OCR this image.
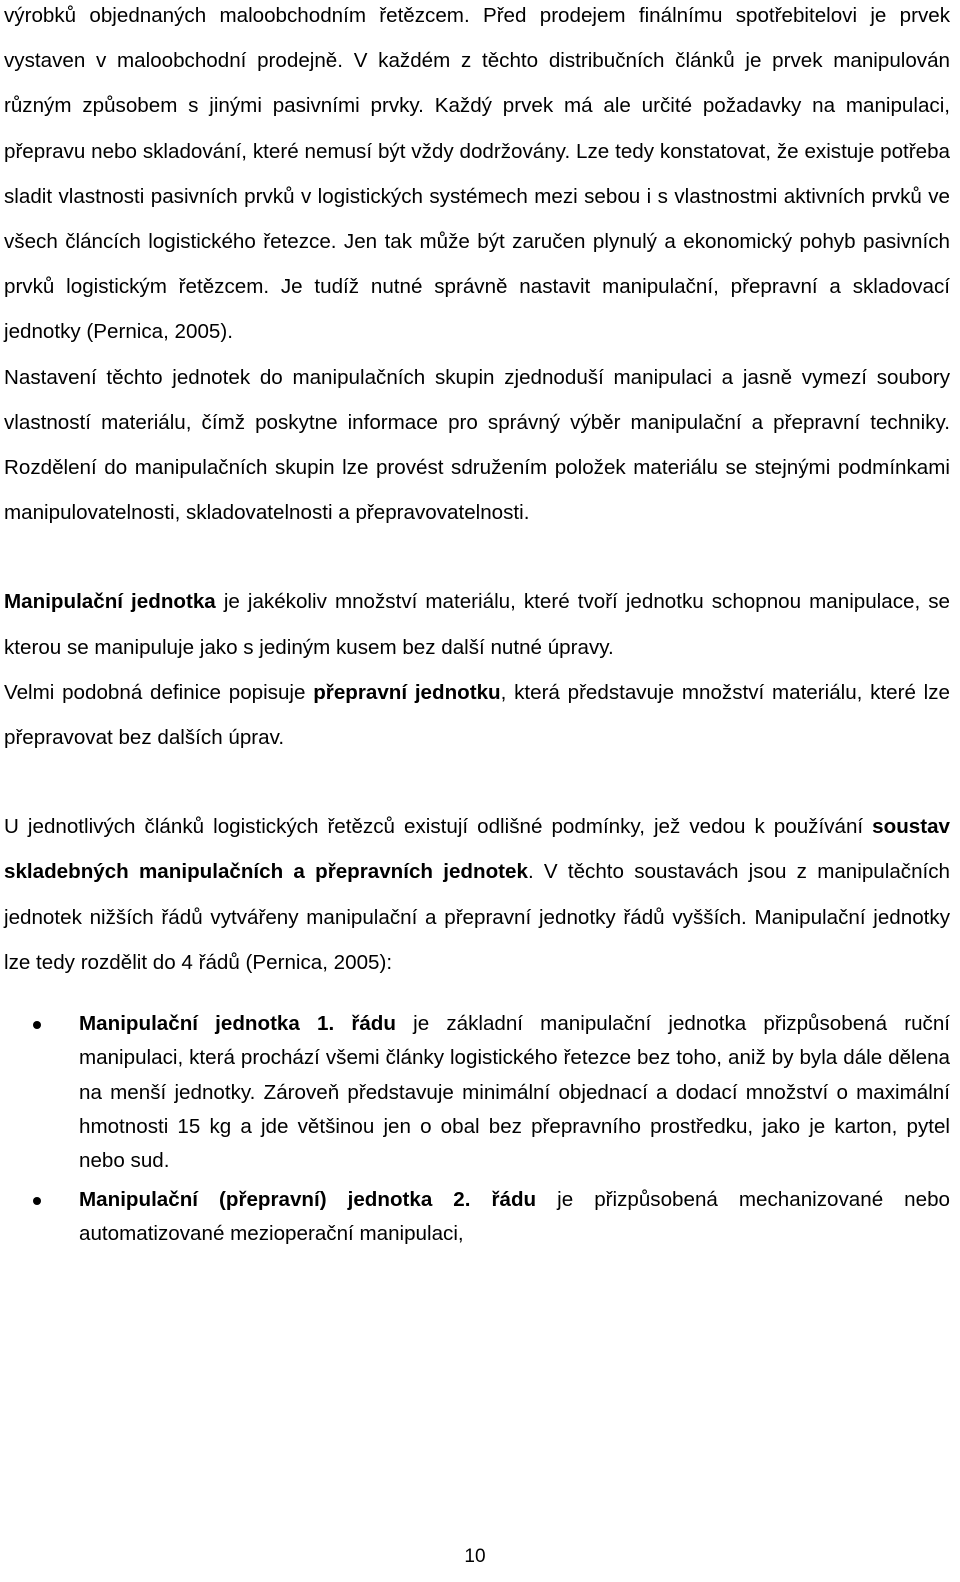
výrobků objednaných maloobchodním řetězcem. Před prodejem finálnímu spotřebitelovi je prvek vystaven v maloobchodní prodejně. V každém z těchto distribučních článků je prvek manipulován různým způsobem s jinými pasivními prvky. Každý prvek má ale určité požadavky na manipulaci, přepravu nebo skladování, které nemusí být vždy dodržovány. Lze tedy konstatovat, že existuje potřeba sladit vlastnosti pasivních prvků v logistických systémech mezi sebou i s vlastnostmi aktivních prvků ve všech článcích logistického řetezce. Jen tak může být zaručen plynulý a ekonomický pohyb pasivních prvků logistickým řetězcem. Je tudíž nutné správně nastavit manipulační, přepravní a skladovací jednotky (Pernica, 2005).

Nastavení těchto jednotek do manipulačních skupin zjednoduší manipulaci a jasně vymezí soubory vlastností materiálu, čímž poskytne informace pro správný výběr manipulační a přepravní techniky. Rozdělení do manipulačních skupin lze provést sdružením položek materiálu se stejnými podmínkami manipulovatelnosti, skladovatelnosti a přepravovatelnosti.

Manipulační jednotka je jakékoliv množství materiálu, které tvoří jednotku schopnou manipulace, se kterou se manipuluje jako s jediným kusem bez další nutné úpravy.

Velmi podobná definice popisuje přepravní jednotku, která představuje množství materiálu, které lze přepravovat bez dalších úprav.

U jednotlivých článků logistických řetězců existují odlišné podmínky, jež vedou k používání soustav skladebných manipulačních a přepravních jednotek. V těchto soustavách jsou z manipulačních jednotek nižších řádů vytvářeny manipulační a přepravní jednotky řádů vyšších. Manipulační jednotky lze tedy rozdělit do 4 řádů (Pernica, 2005):

Manipulační jednotka 1. řádu je základní manipulační jednotka přizpůsobená ruční manipulaci, která prochází všemi články logistického řetezce bez toho, aniž by byla dále dělena na menší jednotky. Zároveň představuje minimální objednací a dodací množství o maximální hmotnosti 15 kg a jde většinou jen o obal bez přepravního prostředku, jako je karton, pytel nebo sud.
Manipulační (přepravní) jednotka 2. řádu je přizpůsobená mechanizované nebo automatizované mezioperační manipulaci,
10
